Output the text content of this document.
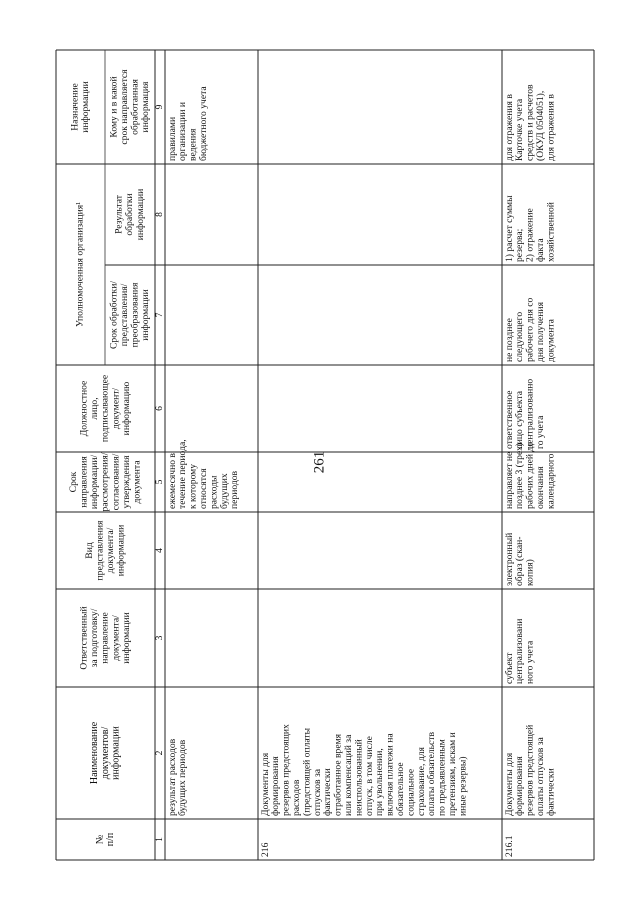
261
№ п/п
Наименование документов/ информации
Ответственный за подготовку/ направление документа/ информации
Вид представления документа/ информации
Срок направления информации/ рассмотрения/ согласования/ утверждения документа
Должностное лицо, подписывающее документ/ информацию
Уполномоченная организация¹ Срок обработки/ представления/ преобразования информации
Результат обработки информации
Назначение информации Кому и в какой срок направляется обработанная информация
1
2
3
4
5
6
7
8
9
результат расходов будущих периодов
ежемесячно в течение периода, к которому относятся расходы будущих периодов
правилами организации и ведения бюджетного учета
216
Документы для формирования резервов предстоящих расходов (предстоящей оплаты отпусков за фактически отработанное время или компенсаций за неиспользованный отпуск, в том числе при увольнении, включая платежи на обязательное социальное страхование, для оплаты обязательств по предъявленным претензиям, искам и иные резервы)
216.1
Документы для формирования резервов предстоящей оплаты отпусков за фактически
субъект централизовани ного учета
электронный образ (скан- копия)
направляет не позднее 3 (трех) рабочих дней до окончания календарного
ответственное лицо субъекта централизованно го учета
не позднее следующего рабочего дня со дня получения документа
1) расчет суммы резерва; 2) отражение факта хозяйственной
для отражения в Карточке учета средств и расчетов (ОКУД 0504051), для отражения в
